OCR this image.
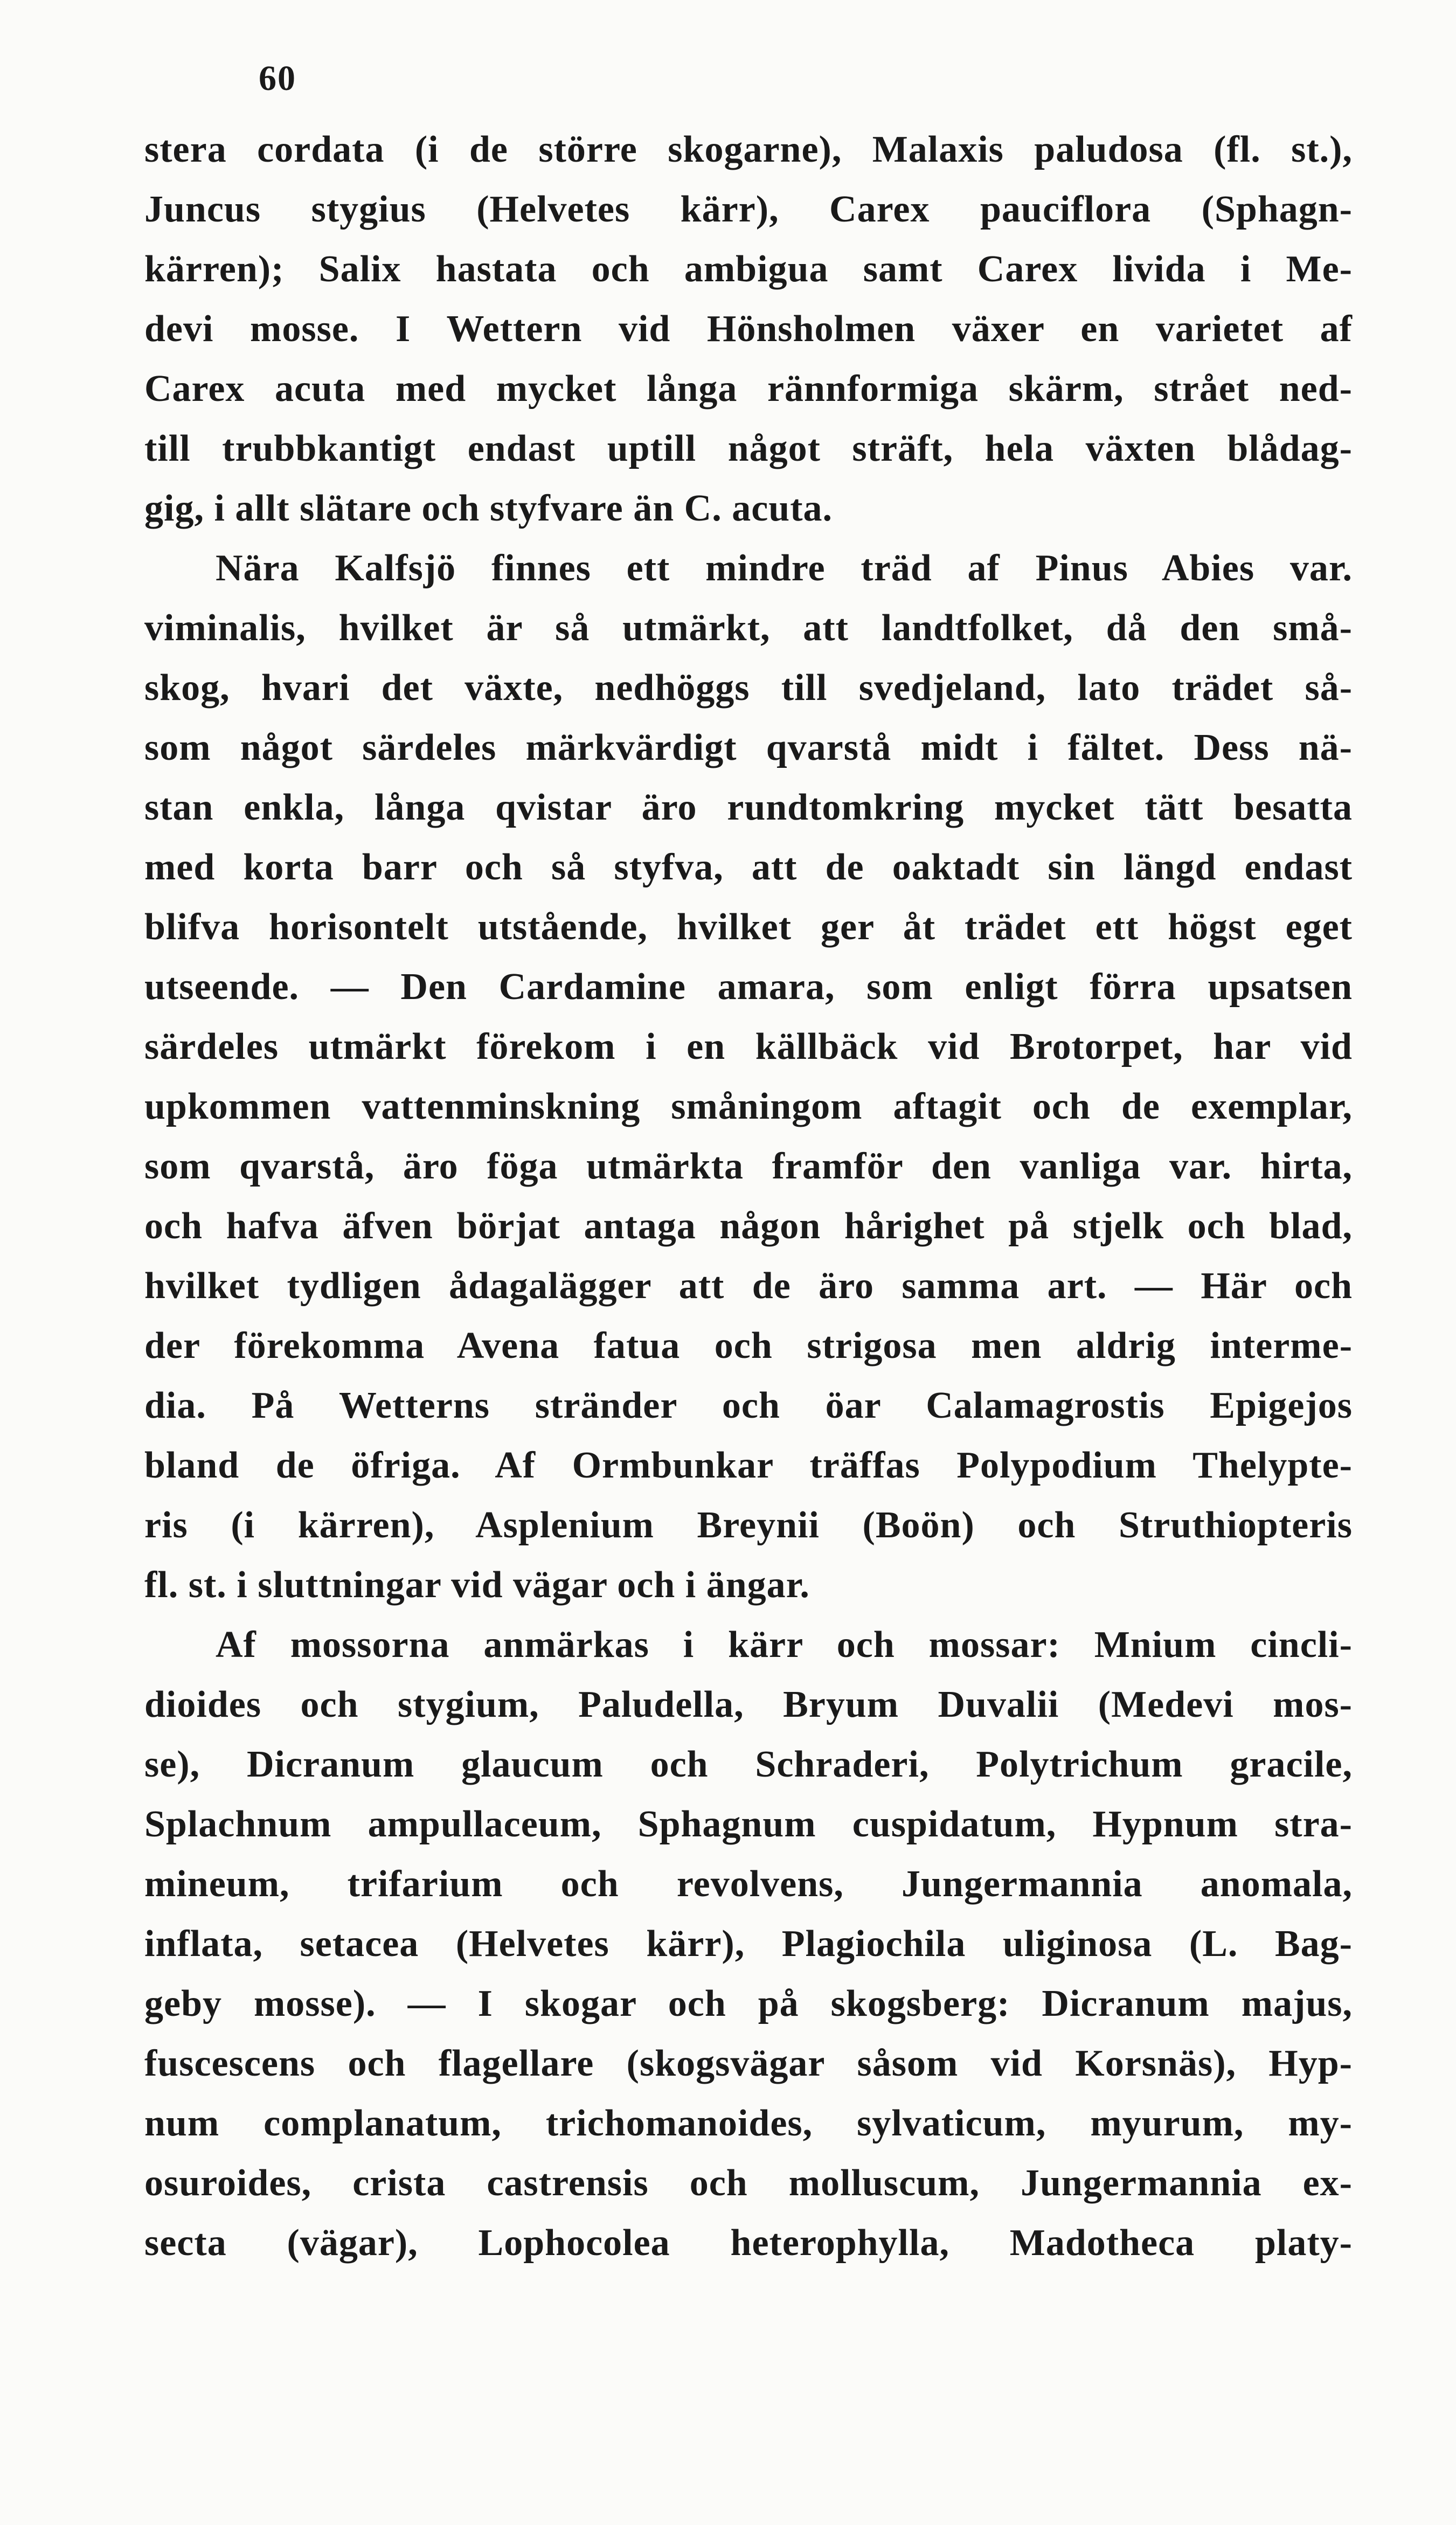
60
stera cordata (i de större skogarne), Malaxis paludosa (fl. st.),
Juncus stygius (Helvetes kärr), Carex pauciflora (Sphagn-
kärren); Salix hastata och ambigua samt Carex livida i Me-
devi mosse. I Wettern vid Hönsholmen växer en varietet af
Carex acuta med mycket långa rännformiga skärm, strået ned-
till trubbkantigt endast uptill något sträft, hela växten blådag-
gig, i allt slätare och styfvare än C. acuta.
Nära Kalfsjö finnes ett mindre träd af Pinus Abies var.
viminalis, hvilket är så utmärkt, att landtfolket, då den små-
skog, hvari det växte, nedhöggs till svedjeland, lato trädet så-
som något särdeles märkvärdigt qvarstå midt i fältet. Dess nä-
stan enkla, långa qvistar äro rundtomkring mycket tätt besatta
med korta barr och så styfva, att de oaktadt sin längd endast
blifva horisontelt utstående, hvilket ger åt trädet ett högst eget
utseende. — Den Cardamine amara, som enligt förra upsatsen
särdeles utmärkt förekom i en källbäck vid Brotorpet, har vid
upkommen vattenminskning småningom aftagit och de exemplar,
som qvarstå, äro föga utmärkta framför den vanliga var. hirta,
och hafva äfven börjat antaga någon hårighet på stjelk och blad,
hvilket tydligen ådagalägger att de äro samma art. — Här och
der förekomma Avena fatua och strigosa men aldrig interme-
dia. På Wetterns stränder och öar Calamagrostis Epigejos
bland de öfriga. Af Ormbunkar träffas Polypodium Thelypte-
ris (i kärren), Asplenium Breynii (Boön) och Struthiopteris
fl. st. i sluttningar vid vägar och i ängar.
Af mossorna anmärkas i kärr och mossar: Mnium cincli-
dioides och stygium, Paludella, Bryum Duvalii (Medevi mos-
se), Dicranum glaucum och Schraderi, Polytrichum gracile,
Splachnum ampullaceum, Sphagnum cuspidatum, Hypnum stra-
mineum, trifarium och revolvens, Jungermannia anomala,
inflata, setacea (Helvetes kärr), Plagiochila uliginosa (L. Bag-
geby mosse). — I skogar och på skogsberg: Dicranum majus,
fuscescens och flagellare (skogsvägar såsom vid Korsnäs), Hyp-
num complanatum, trichomanoides, sylvaticum, myurum, my-
osuroides, crista castrensis och molluscum, Jungermannia ex-
secta (vägar), Lophocolea heterophylla, Madotheca platy-
